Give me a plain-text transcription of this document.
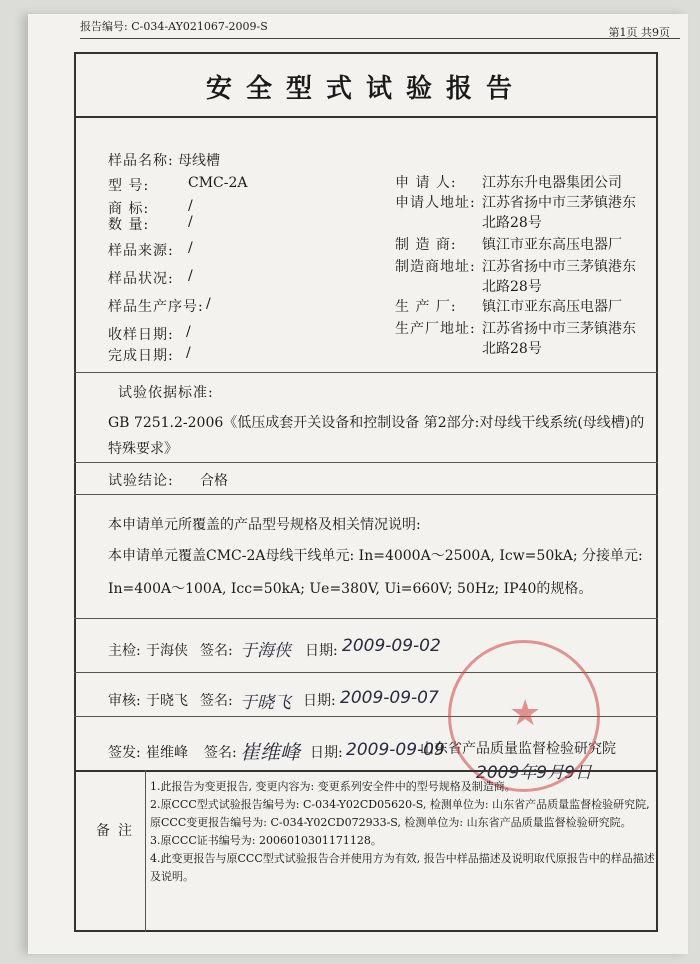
报告编号: C-034-AY021067-2009-S	第1页 共9页
安全型式试验报告
样品名称: 母线槽
型 号:	CMC-2A
商 标:	/
数 量:	/
样品来源: /
样品状况: /
样品生产序号: /
收样日期: /
完成日期: /
申 请 人: 江苏东升电器集团公司
申请人地址: 江苏省扬中市三茅镇港东
北路28号
制 造 商: 镇江市亚东高压电器厂
制造商地址: 江苏省扬中市三茅镇港东
北路28号
生 产 厂: 镇江市亚东高压电器厂
生产厂地址: 江苏省扬中市三茅镇港东
北路28号
试验依据标准:
GB 7251.2-2006《低压成套开关设备和控制设备 第2部分:对母线干线系统(母线槽)的特殊要求》
试验结论: 合格
本申请单元所覆盖的产品型号规格及相关情况说明:
本申请单元覆盖CMC-2A母线干线单元: In=4000A～2500A, Icw=50kA; 分接单元: In=400A～100A, Icc=50kA; Ue=380V, Ui=660V; 50Hz; IP40的规格。
主检: 于海侠 签名: 于海侠 日期: 2009-09-02
审核: 于晓飞 签名: 于晓飞 日期: 2009-09-07
签发: 崔维峰 签名: 崔维峰 日期: 2009-09-09
山东省产品质量监督检验研究院
2009年9月9日
★
备注
1.此报告为变更报告, 变更内容为: 变更系列安全件中的型号规格及制造商。
2.原CCC型式试验报告编号为: C-034-Y02CD05620-S, 检测单位为: 山东省产品质量监督检验研究院, 原CCC变更报告编号为: C-034-Y02CD072933-S, 检测单位为: 山东省产品质量监督检验研究院。
3.原CCC证书编号为: 2006010301171128。
4.此变更报告与原CCC型式试验报告合并使用方为有效, 报告中样品描述及说明取代原报告中的样品描述及说明。
